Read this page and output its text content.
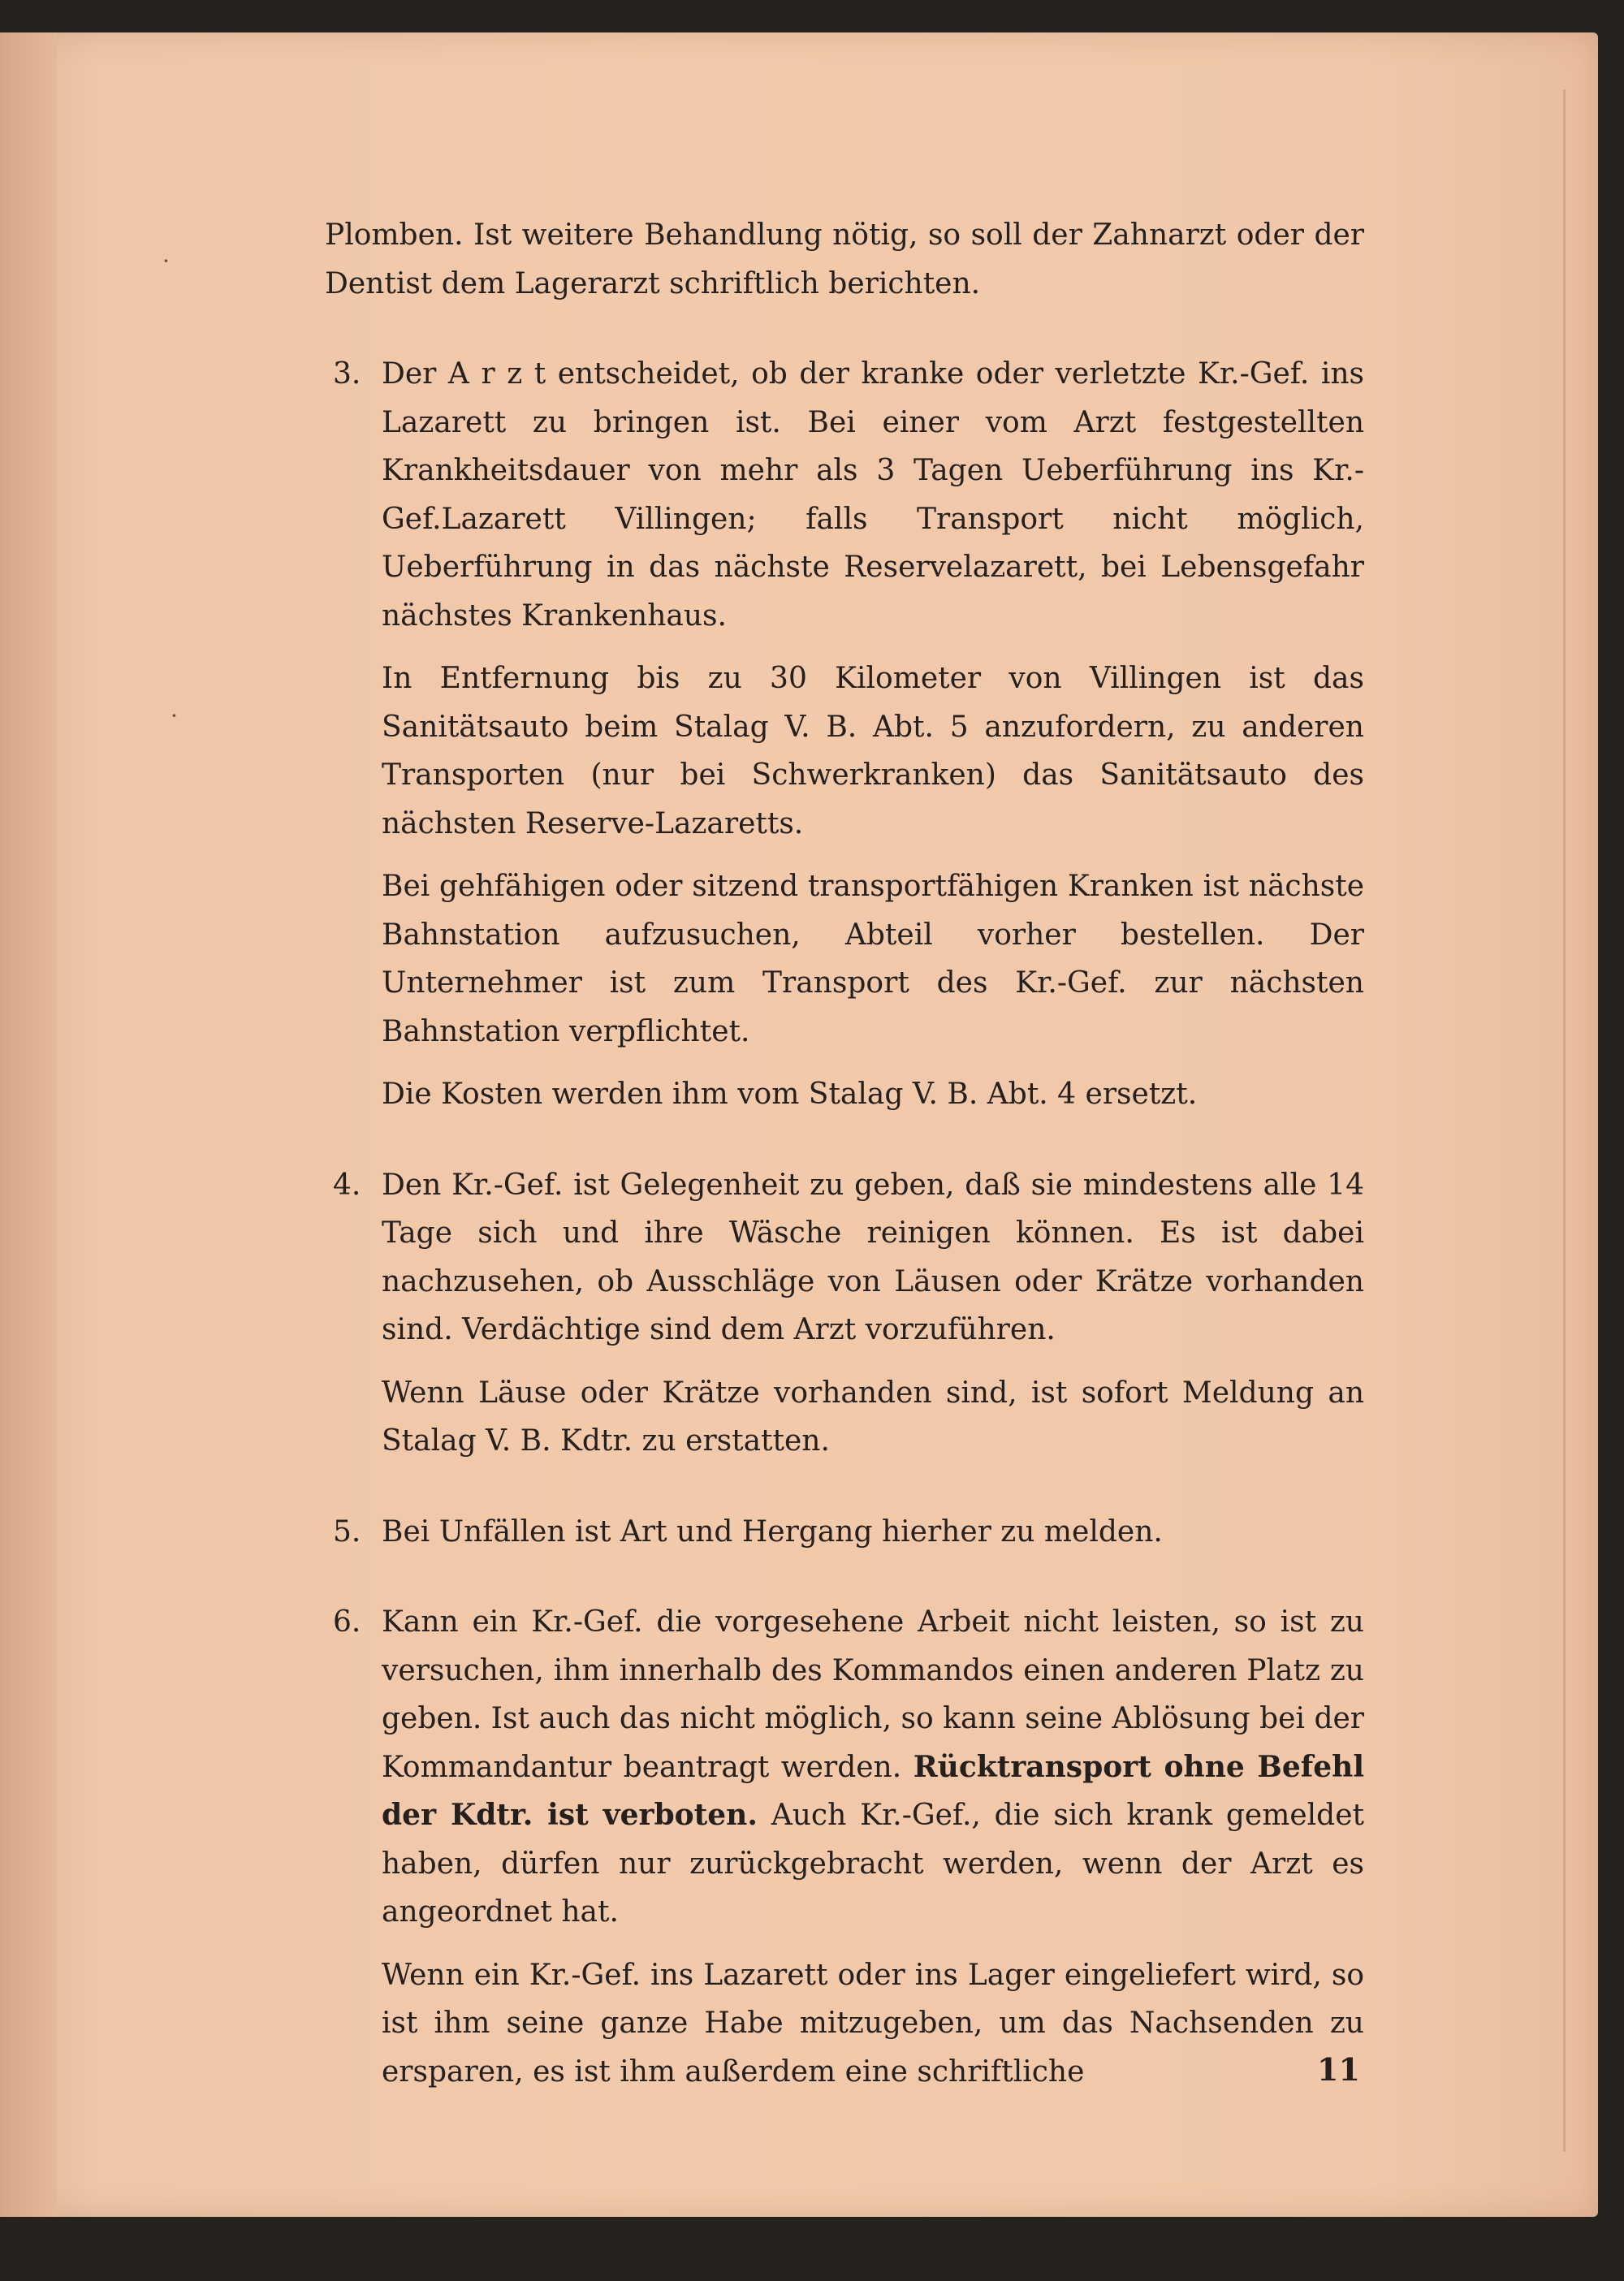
·
·

Plomben. Ist weitere Behandlung nötig, so soll der Zahnarzt oder der Dentist dem Lagerarzt schriftlich berichten.

3. Der A r z t entscheidet, ob der kranke oder verletzte Kr.-Gef. ins Lazarett zu bringen ist. Bei einer vom Arzt festgestellten Krankheitsdauer von mehr als 3 Tagen Ueberführung ins Kr.-Gef.Lazarett Villingen; falls Transport nicht möglich, Ueberführung in das nächste Reservelazarett, bei Lebensgefahr nächstes Krankenhaus.

In Entfernung bis zu 30 Kilometer von Villingen ist das Sanitätsauto beim Stalag V. B. Abt. 5 anzufordern, zu anderen Transporten (nur bei Schwerkranken) das Sanitätsauto des nächsten Reserve-Lazaretts.

Bei gehfähigen oder sitzend transportfähigen Kranken ist nächste Bahnstation aufzusuchen, Abteil vorher bestellen. Der Unternehmer ist zum Transport des Kr.-Gef. zur nächsten Bahnstation verpflichtet.

Die Kosten werden ihm vom Stalag V. B. Abt. 4 ersetzt.

4. Den Kr.-Gef. ist Gelegenheit zu geben, daß sie mindestens alle 14 Tage sich und ihre Wäsche reinigen können. Es ist dabei nachzusehen, ob Ausschläge von Läusen oder Krätze vorhanden sind. Verdächtige sind dem Arzt vorzuführen.

Wenn Läuse oder Krätze vorhanden sind, ist sofort Meldung an Stalag V. B. Kdtr. zu erstatten.

5. Bei Unfällen ist Art und Hergang hierher zu melden.

6. Kann ein Kr.-Gef. die vorgesehene Arbeit nicht leisten, so ist zu versuchen, ihm innerhalb des Kommandos einen anderen Platz zu geben. Ist auch das nicht möglich, so kann seine Ablösung bei der Kommandantur beantragt werden. Rücktransport ohne Befehl der Kdtr. ist verboten. Auch Kr.-Gef., die sich krank gemeldet haben, dürfen nur zurückgebracht werden, wenn der Arzt es angeordnet hat.

Wenn ein Kr.-Gef. ins Lazarett oder ins Lager eingeliefert wird, so ist ihm seine ganze Habe mitzugeben, um das Nachsenden zu ersparen, es ist ihm außerdem eine schriftliche	11
